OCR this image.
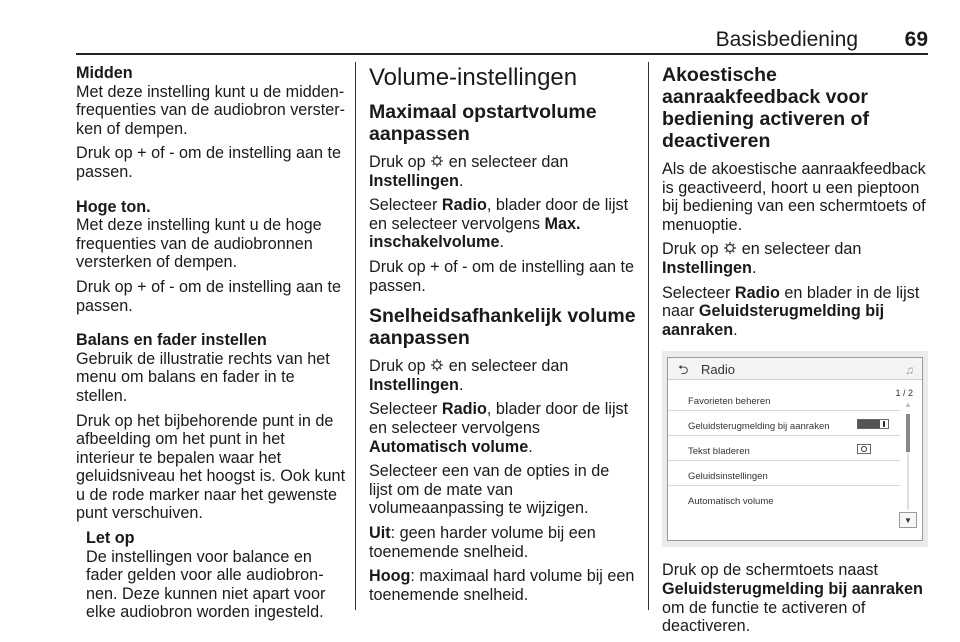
Basisbediening 69
Midden
Met deze instelling kunt u de midden-frequenties van de audiobron verster-ken of dempen.
Druk op + of - om de instelling aan te passen.
Hoge ton.
Met deze instelling kunt u de hoge frequenties van de audiobronnen versterken of dempen.
Druk op + of - om de instelling aan te passen.
Balans en fader instellen
Gebruik de illustratie rechts van het menu om balans en fader in te stellen.
Druk op het bijbehorende punt in de afbeelding om het punt in het interieur te bepalen waar het geluidsniveau het hoogst is. Ook kunt u de rode marker naar het gewenste punt verschuiven.
Let op
De instellingen voor balance en fader gelden voor alle audiobron-nen. Deze kunnen niet apart voor elke audiobron worden ingesteld.
Volume-instellingen
Maximaal opstartvolume aanpassen
Druk op en selecteer dan Instellingen.
Selecteer Radio, blader door de lijst en selecteer vervolgens Max. inschakelvolume.
Druk op + of - om de instelling aan te passen.
Snelheidsafhankelijk volume aanpassen
Druk op en selecteer dan Instellingen.
Selecteer Radio, blader door de lijst en selecteer vervolgens Automatisch volume.
Selecteer een van de opties in de lijst om de mate van volumeaanpassing te wijzigen.
Uit: geen harder volume bij een toenemende snelheid.
Hoog: maximaal hard volume bij een toenemende snelheid.
Akoestische aanraakfeedback voor bediening activeren of deactiveren
Als de akoestische aanraakfeedback is geactiveerd, hoort u een pieptoon bij bediening van een schermtoets of menuoptie.
Druk op en selecteer dan Instellingen.
Selecteer Radio en blader in de lijst naar Geluidsterugmelding bij aanraken.
⮌ Radio	♫
1 / 2
Favorieten beheren
Geluidsterugmelding bij aanraken
Tekst bladeren
Geluidsinstellingen
Automatisch volume
▲
▼
Druk op de schermtoets naast Geluidsterugmelding bij aanraken om de functie te activeren of deactiveren.
